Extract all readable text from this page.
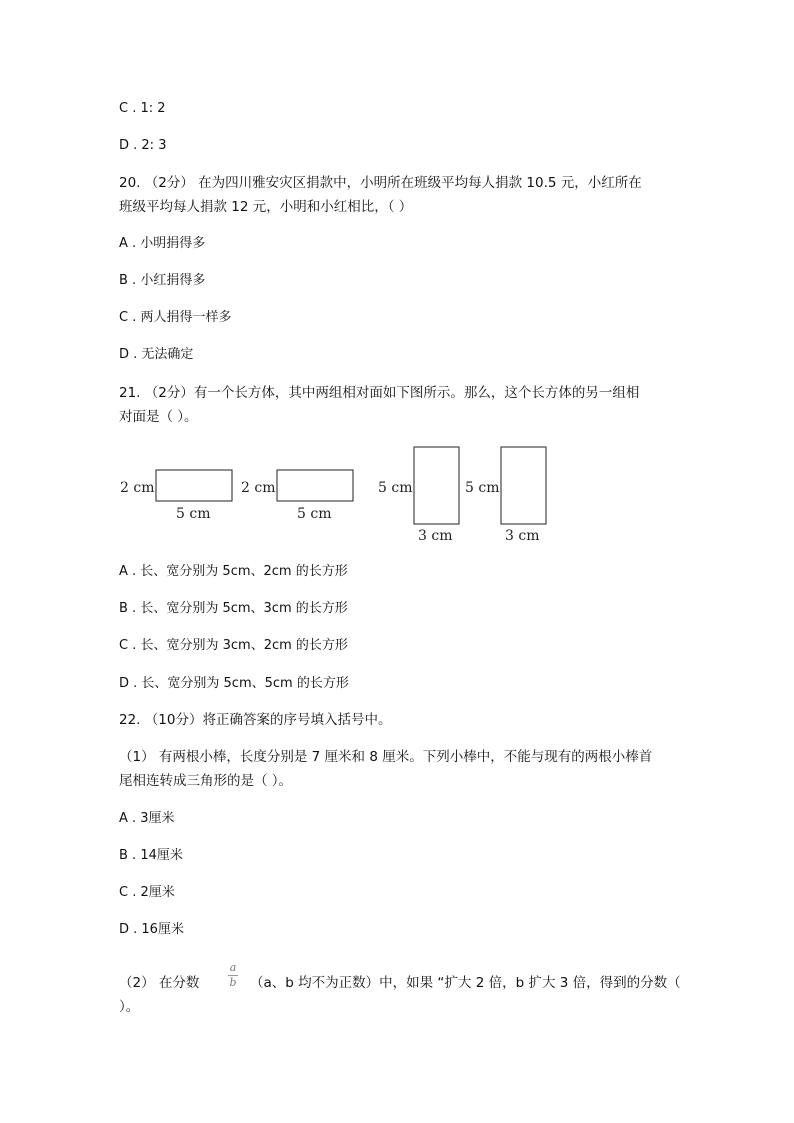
C . 1: 2
D . 2: 3
20. （2分） 在为四川雅安灾区捐款中，小明所在班级平均每人捐款 10.5 元，小红所在
班级平均每人捐款 12 元，小明和小红相比，（ ）
A . 小明捐得多
B . 小红捐得多
C . 两人捐得一样多
D . 无法确定
21. （2分）有一个长方体，其中两组相对面如下图所示。那么，这个长方体的另一组相
对面是（ ）。
2 cm
5 cm
2 cm
5 cm
5 cm
3 cm
5 cm
3 cm
A . 长、宽分别为 5cm、2cm 的长方形
B . 长、宽分别为 5cm、3cm 的长方形
C . 长、宽分别为 3cm、2cm 的长方形
D . 长、宽分别为 5cm、5cm 的长方形
22. （10分）将正确答案的序号填入括号中。
（1） 有两根小棒，长度分别是 7 厘米和 8 厘米。下列小棒中，不能与现有的两根小棒首
尾相连转成三角形的是（ ）。
A . 3厘米
B . 14厘米
C . 2厘米
D . 16厘米
（2） 在分数
a
b （a、b 均不为正数）中，如果 “扩大 2 倍，b 扩大 3 倍，得到的分数（
）。
